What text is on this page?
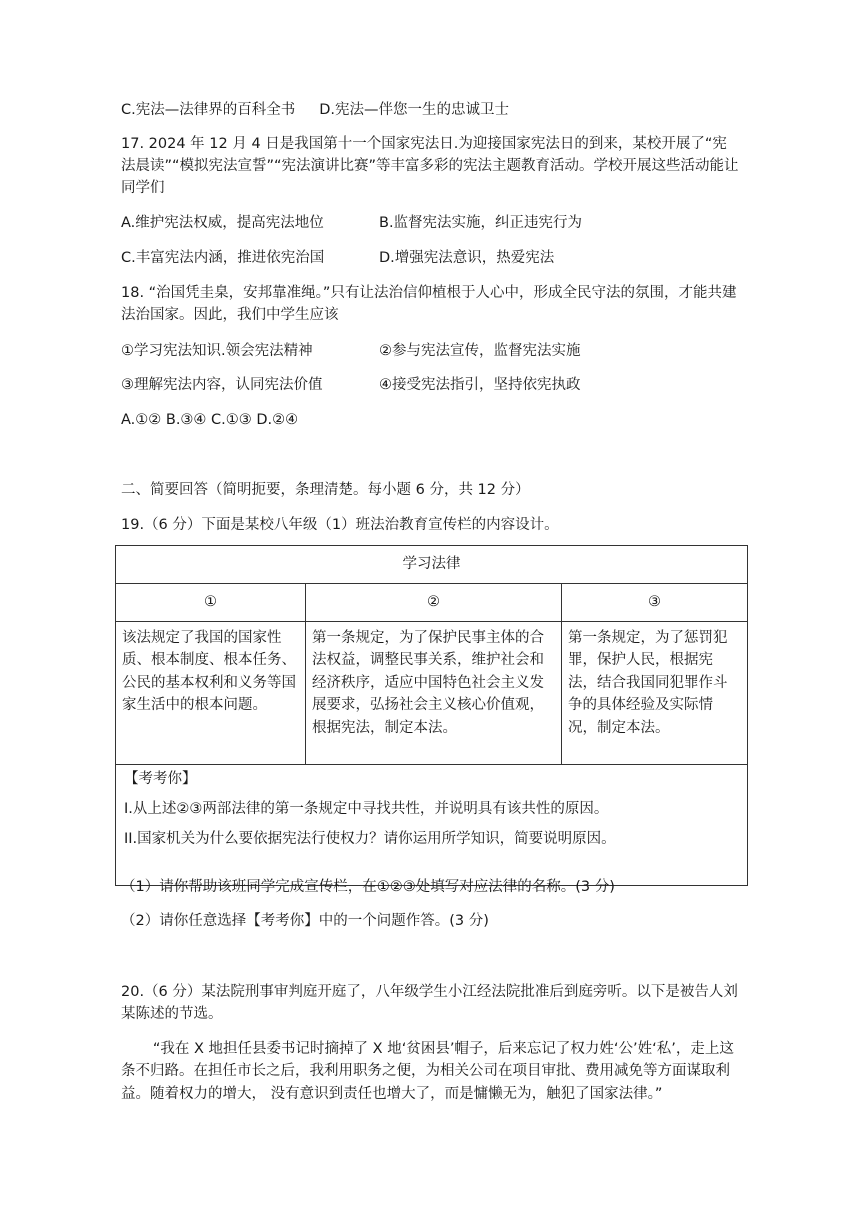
C.宪法—法律界的百科全书 D.宪法—伴您一生的忠诚卫士
17. 2024 年 12 月 4 日是我国第十一个国家宪法日.为迎接国家宪法日的到来，某校开展了“宪法晨读”“模拟宪法宣誓”“宪法演讲比赛”等丰富多彩的宪法主题教育活动。学校开展这些活动能让同学们
A.维护宪法权威，提高宪法地位	B.监督宪法实施，纠正违宪行为
C.丰富宪法内涵，推进依宪治国	D.增强宪法意识，热爱宪法
18. “治国凭圭臬，安邦靠准绳。”只有让法治信仰植根于人心中，形成全民守法的氛围，才能共建法治国家。因此，我们中学生应该
①学习宪法知识.领会宪法精神	②参与宪法宣传，监督宪法实施
③理解宪法内容，认同宪法价值	④接受宪法指引，坚持依宪执政
A.①② B.③④ C.①③ D.②④
二、简要回答（简明扼要，条理清楚。每小题 6 分，共 12 分）
19.（6 分）下面是某校八年级（1）班法治教育宣传栏的内容设计。
学习法律		
①	②	③
该法规定了我国的国家性质、根本制度、根本任务、公民的基本权利和义务等国家生活中的根本问题。	第一条规定，为了保护民事主体的合法权益，调整民事关系，维护社会和经济秩序，适应中国特色社会主义发展要求，弘扬社会主义核心价值观，根据宪法，制定本法。	第一条规定，为了惩罚犯罪，保护人民，根据宪法，结合我国同犯罪作斗争的具体经验及实际情况，制定本法。

【考考你】
I.从上述②③两部法律的第一条规定中寻找共性，并说明具有该共性的原因。
II.国家机关为什么要依据宪法行使权力？请你运用所学知识，简要说明原因。		
（1）请你帮助该班同学完成宣传栏，在①②③处填写对应法律的名称。(3 分)
（2）请你任意选择【考考你】中的一个问题作答。(3 分)
20.（6 分）某法院刑事审判庭开庭了，八年级学生小江经法院批准后到庭旁听。以下是被告人刘某陈述的节选。
“我在 X 地担任县委书记时摘掉了 X 地‘贫困县’帽子，后来忘记了权力姓‘公’姓‘私’，走上这条不归路。在担任市长之后，我利用职务之便，为相关公司在项目审批、费用减免等方面谋取利益。随着权力的增大， 没有意识到责任也增大了，而是慵懒无为，触犯了国家法律。”
